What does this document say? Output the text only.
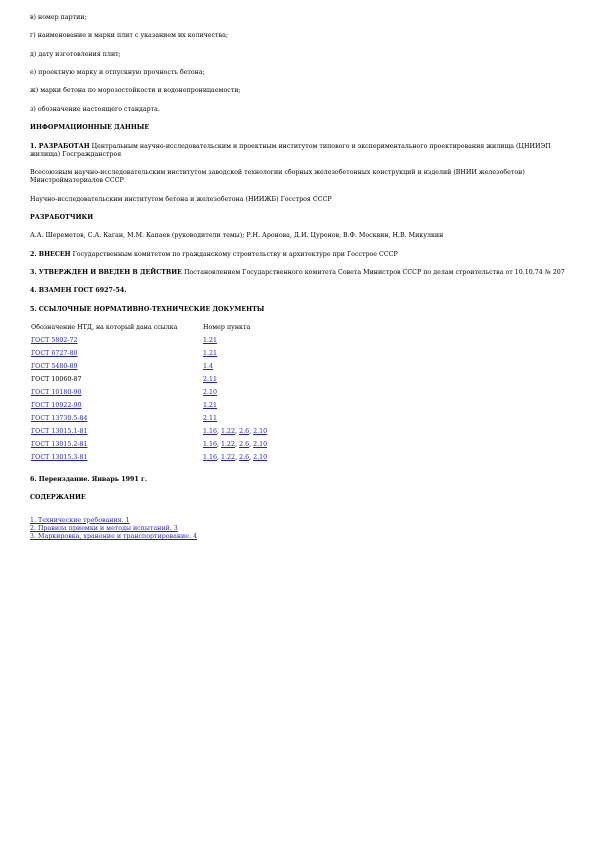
в) номер партии;

г) наименование и марки плит с указанием их количества;

д) дату изготовления плит;

е) проектную марку и отпускную прочность бетона;

ж) марки бетона по морозостойкости и водонепроницаемости;

з) обозначение настоящего стандарта.

ИНФОРМАЦИОННЫЕ ДАННЫЕ

1. РАЗРАБОТАН Центральным научно-исследовательским и проектным институтом типового и экспериментального проектирования жилища (ЦНИИЭП жилища) Госгражданстроя

Всесоюзным научно-исследовательским институтом заводской технологии сборных железобетонных конструкций и изделий (ВНИИ железобетон) Минстройматериалов СССР

Научно-исследовательским институтом бетона и железобетона (НИИЖБ) Госстроя СССР

РАЗРАБОТЧИКИ

А.А. Шереметов, С.А. Каган, М.М. Капаев (руководители темы); Р.Н. Аронова, Д.И. Цуренов, В.Ф. Москвин, Н.В. Микулкин

2. ВНЕСЕН Государственным комитетом по гражданскому строительству и архитектуре при Госстрое СССР

3. УТВЕРЖДЕН И ВВЕДЕН В ДЕЙСТВИЕ Постановлением Государственного комитета Совета Министров СССР по делам строительства от 10.10.74 № 207

4. ВЗАМЕН ГОСТ 6927-54.

5. ССЫЛОЧНЫЕ НОРМАТИВНО-ТЕХНИЧЕСКИЕ ДОКУМЕНТЫ

Обозначение НТД, на который дана ссылка	Номер пункта
ГОСТ 5802-72	1.21
ГОСТ 6727-80	1.21
ГОСТ 5480-89	1.4
ГОСТ 10060-87	2.11
ГОСТ 10180-90	2.10
ГОСТ 10922-90	1.21
ГОСТ 13730.5-84	2.11
ГОСТ 13015.1-81	1.16, 1.22, 2.6, 2.10
ГОСТ 13015.2-81	1.16, 1.22, 2.6, 2.10
ГОСТ 13015.3-81	1.16, 1.22, 2.6, 2.10

6. Переиздание. Январь 1991 г.

СОДЕРЖАНИЕ

1. Технические требования. 1
2. Правила приемки и методы испытаний. 3
3. Маркировка, хранение и транспортирование. 4
